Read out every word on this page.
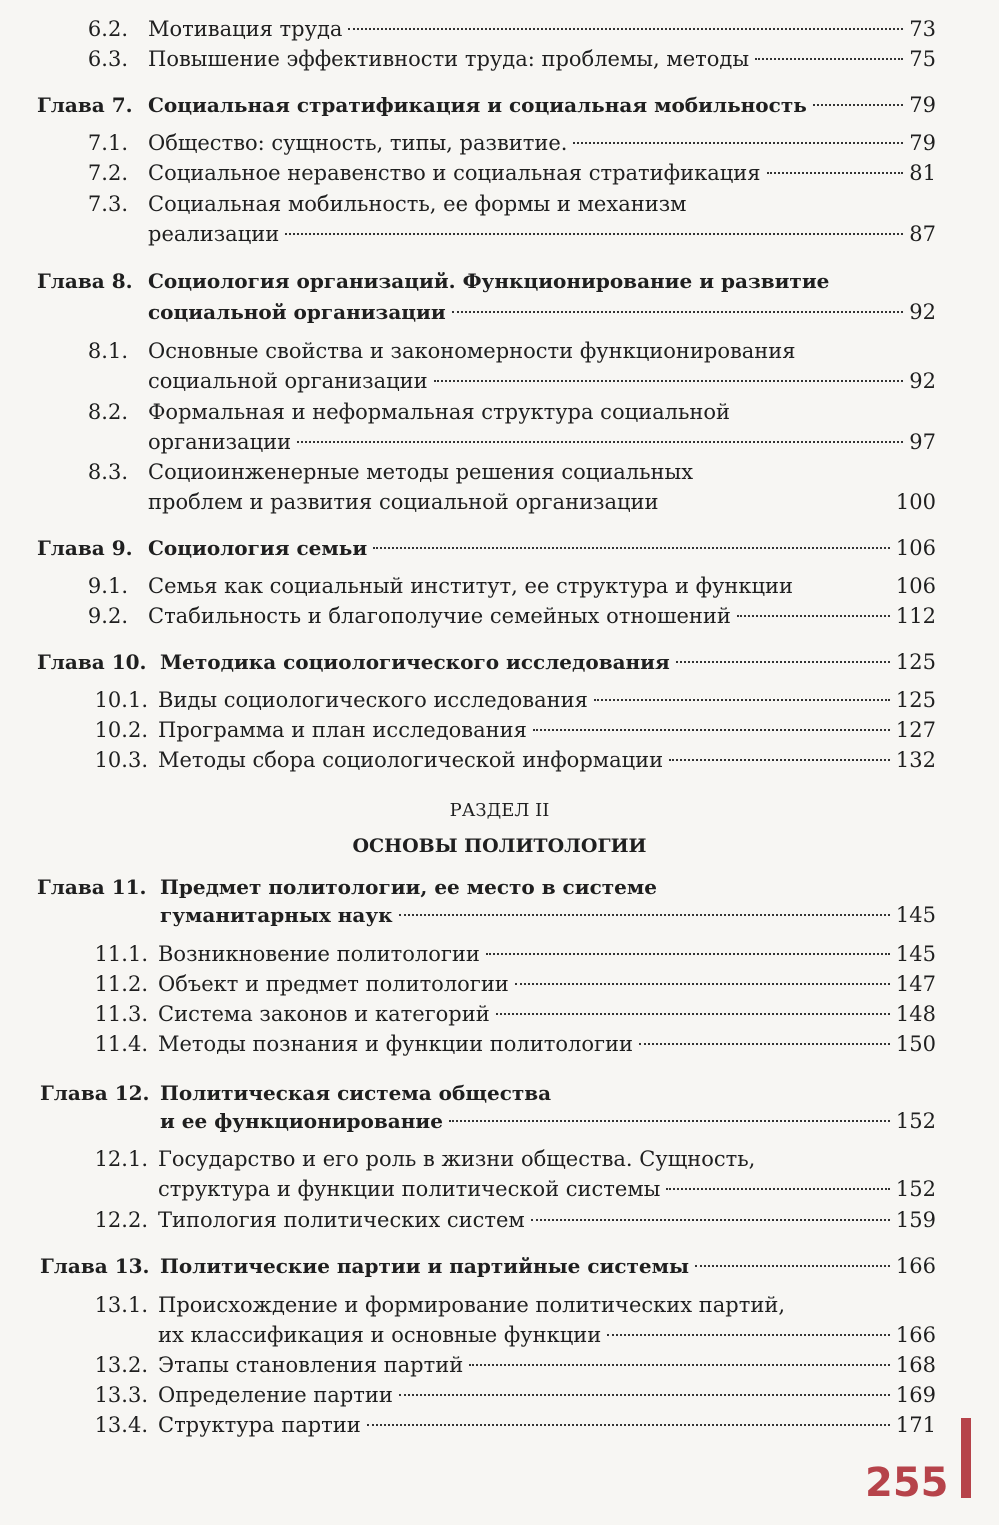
6.2. Мотивация труда	73
6.3. Повышение эффективности труда: проблемы, методы	75
Глава 7. Социальная стратификация и социальная мобильность	79
7.1. Общество: сущность, типы, развитие.	79
7.2. Социальное неравенство и социальная стратификация	81
7.3. Социальная мобильность, ее формы и механизм
реализации	87
Глава 8. Социология организаций. Функционирование и развитие
социальной организации	92
8.1. Основные свойства и закономерности функционирования
социальной организации	92
8.2. Формальная и неформальная структура социальной
организации	97
8.3. Социоинженерные методы решения социальных
проблем и развития социальной организации	100
Глава 9. Социология семьи	106
9.1. Семья как социальный институт, ее структура и функции	106
9.2. Стабильность и благополучие семейных отношений	112
Глава 10. Методика социологического исследования	125
10.1. Виды социологического исследования	125
10.2. Программа и план исследования	127
10.3. Методы сбора социологической информации	132
РАЗДЕЛ II
ОСНОВЫ ПОЛИТОЛОГИИ
Глава 11. Предмет политологии, ее место в системе
гуманитарных наук	145
11.1. Возникновение политологии	145
11.2. Объект и предмет политологии	147
11.3. Система законов и категорий	148
11.4. Методы познания и функции политологии	150
Глава 12. Политическая система общества
и ее функционирование	152
12.1. Государство и его роль в жизни общества. Сущность,
структура и функции политической системы	152
12.2. Типология политических систем	159
Глава 13. Политические партии и партийные системы	166
13.1. Происхождение и формирование политических партий,
их классификация и основные функции	166
13.2. Этапы становления партий	168
13.3. Определение партии	169
13.4. Структура партии	171
255
